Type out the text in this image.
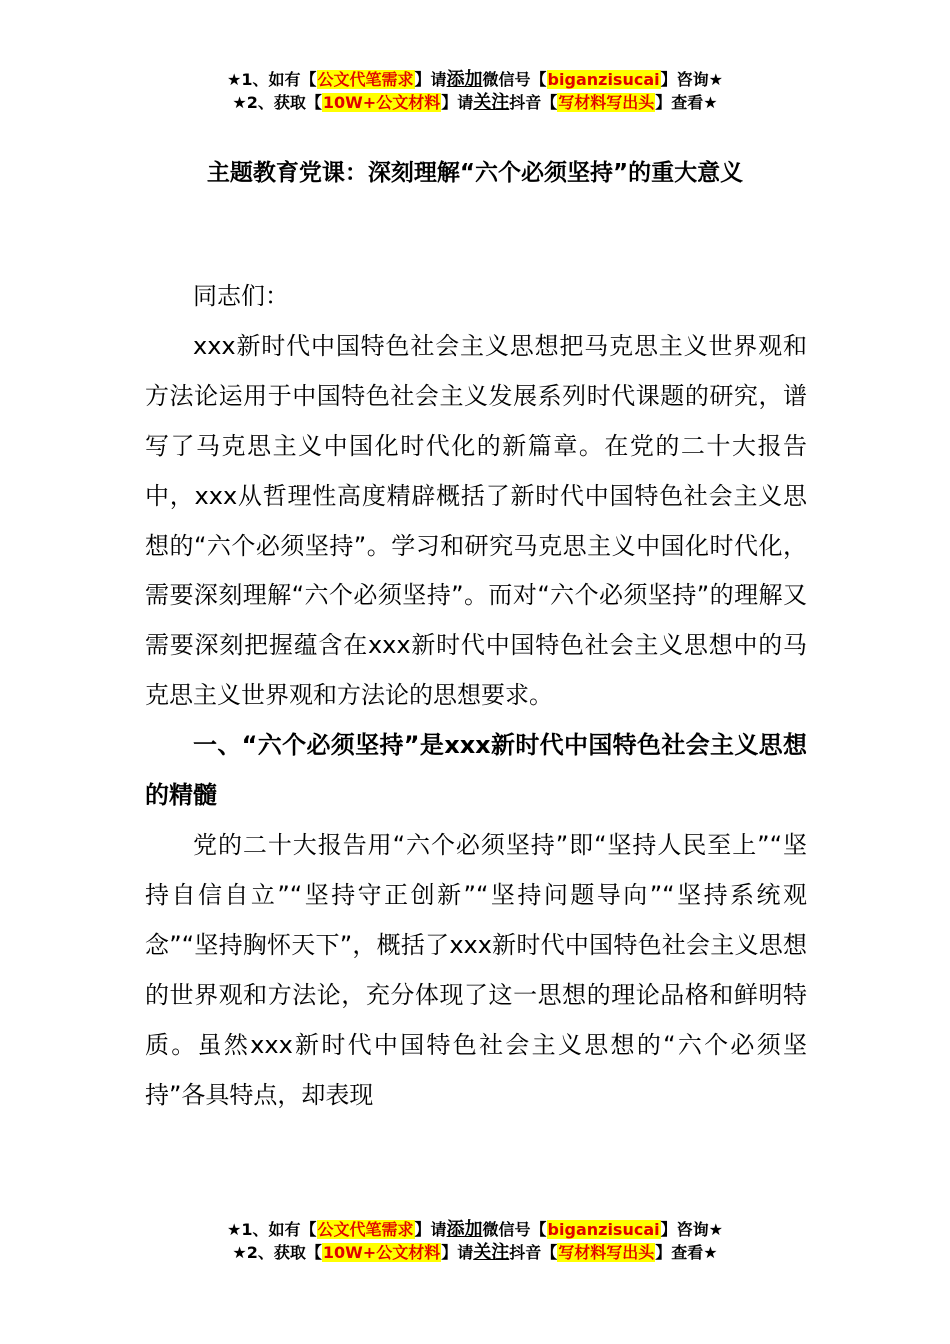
★1、如有【公文代笔需求】请添加微信号【biganzisucai】咨询★
★2、获取【10W+公文材料】请关注抖音【写材料写出头】查看★
主题教育党课：深刻理解“六个必须坚持”的重大意义

同志们：

xxx新时代中国特色社会主义思想把马克思主义世界观和方法论运用于中国特色社会主义发展系列时代课题的研究，谱写了马克思主义中国化时代化的新篇章。在党的二十大报告中，xxx从哲理性高度精辟概括了新时代中国特色社会主义思想的“六个必须坚持”。学习和研究马克思主义中国化时代化，需要深刻理解“六个必须坚持”。而对“六个必须坚持”的理解又需要深刻把握蕴含在xxx新时代中国特色社会主义思想中的马克思主义世界观和方法论的思想要求。

一、“六个必须坚持”是xxx新时代中国特色社会主义思想的精髓

党的二十大报告用“六个必须坚持”即“坚持人民至上”“坚持自信自立”“坚持守正创新”“坚持问题导向”“坚持系统观念”“坚持胸怀天下”，概括了xxx新时代中国特色社会主义思想的世界观和方法论，充分体现了这一思想的理论品格和鲜明特质。虽然xxx新时代中国特色社会主义思想的“六个必须坚持”各具特点，却表现

★1、如有【公文代笔需求】请添加微信号【biganzisucai】咨询★
★2、获取【10W+公文材料】请关注抖音【写材料写出头】查看★
